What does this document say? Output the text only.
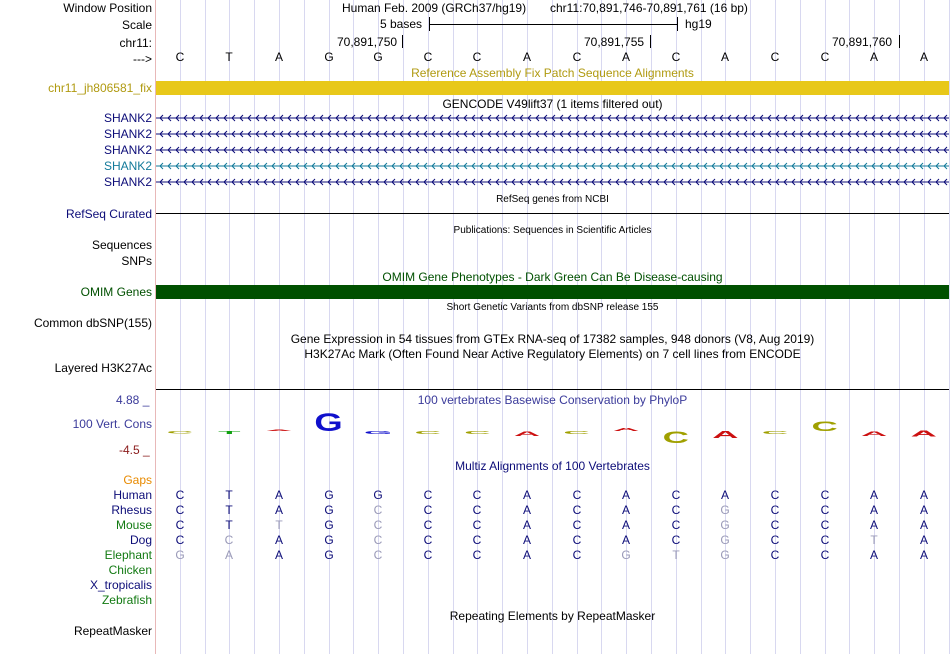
Window Position	Human Feb. 2009 (GRCh37/hg19) chr11:70,891,746-70,891,761 (16 bp)
Scale	5 bases	hg19
chr11:	70,891,750	70,891,755	70,891,760
--->	C	T	A	G	G	C	C	A	C	A	C	A	C	C	A	A
Reference Assembly Fix Patch Sequence Alignments
chr11_jh806581_fix
GENCODE V49lift37 (1 items filtered out)
SHANK2
SHANK2
SHANK2
SHANK2
SHANK2
RefSeq genes from NCBI
RefSeq Curated
Publications: Sequences in Scientific Articles
Sequences
SNPs
OMIM Gene Phenotypes - Dark Green Can Be Disease-causing
OMIM Genes
Short Genetic Variants from dbSNP release 155
Common dbSNP(155)
Gene Expression in 54 tissues from GTEx RNA-seq of 17382 samples, 948 donors (V8, Aug 2019)
H3K27Ac Mark (Often Found Near Active Regulatory Elements) on 7 cell lines from ENCODE
Layered H3K27Ac
100 vertebrates Basewise Conservation by PhyloP
4.88 _
100 Vert. Cons
-4.5 _
C T A G G C C A C
A C A C C A A
Multiz Alignments of 100 Vertebrates
Gaps
Human	C	T	A	G	G	C	C	A	C	A	C	A	C	C	A	A
Rhesus	C	T	A	G	C	C	C	A	C	A	C	G	C	C	A	A
Mouse	C	T	T	G	C	C	C	A	C	A	C	G	C	C	A	A
Dog	C	C	A	G	C	C	C	A	C	A	C	G	C	C	T	A
Elephant	G	A	A	G	C	C	C	A	C	G	T	G	C	C	A	A
Chicken
X_tropicalis
Zebrafish
Repeating Elements by RepeatMasker
RepeatMasker
